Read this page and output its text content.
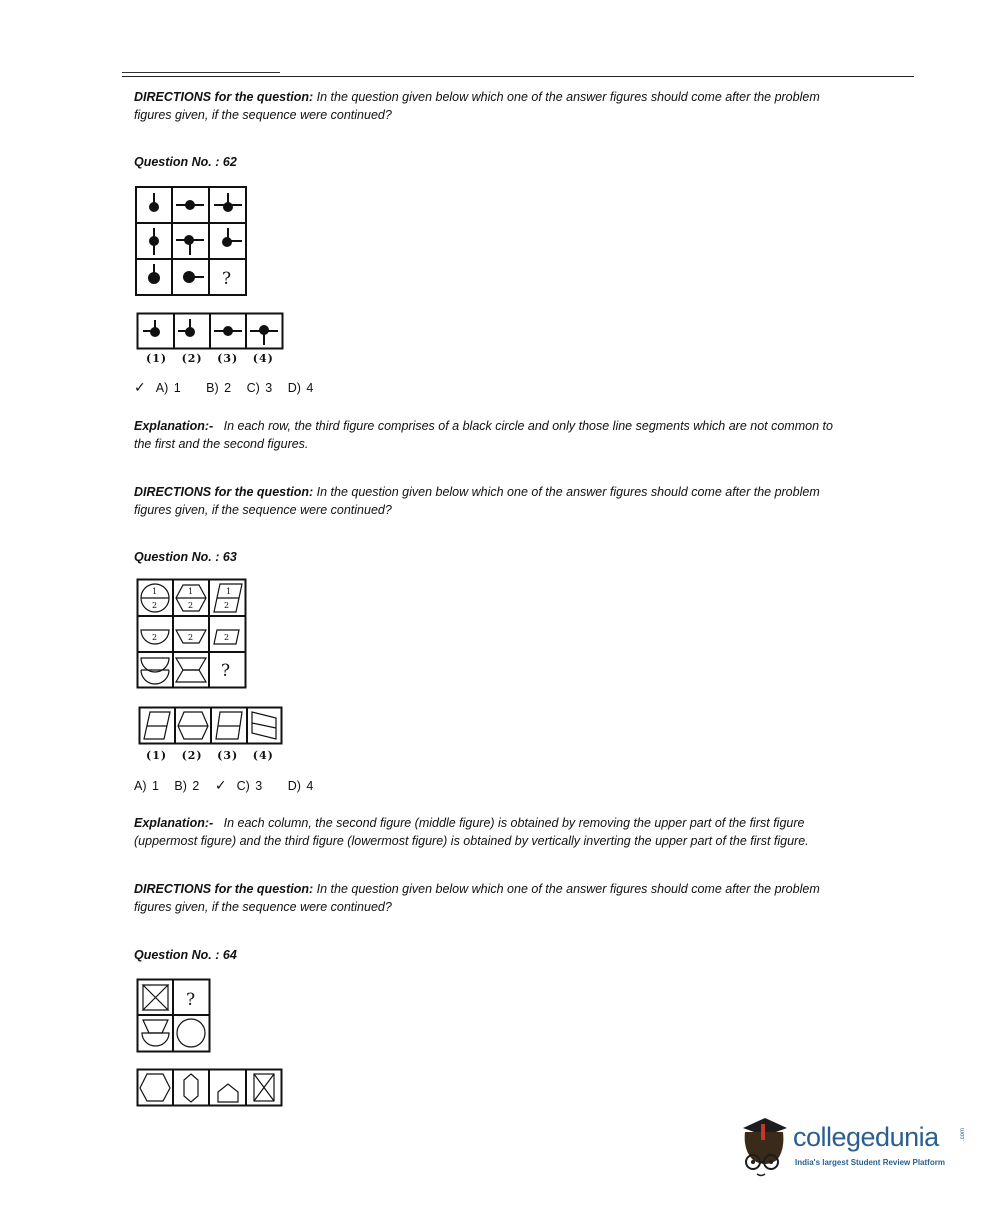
DIRECTIONS for the question: In the question given below which one of the answer figures should come after the problem
figures given, if the sequence were continued?
Question No. : 62
?
(1) (2) (3) (4)
✓ A) 1 B) 2 C) 3 D) 4
Explanation:- In each row, the third figure comprises of a black circle and only those line segments which are not common to
the first and the second figures.
DIRECTIONS for the question: In the question given below which one of the answer figures should come after the problem
figures given, if the sequence were continued?
Question No. : 63
1
2
1
2
1
2
2	2	2
?
(1) (2) (3) (4)
A) 1 B) 2 ✓ C) 3 D) 4
Explanation:- In each column, the second figure (middle figure) is obtained by removing the upper part of the first figure
(uppermost figure) and the third figure (lowermost figure) is obtained by vertically inverting the upper part of the first figure.
DIRECTIONS for the question: In the question given below which one of the answer figures should come after the problem
figures given, if the sequence were continued?
Question No. : 64
?
collegedunia	.com
India's largest Student Review Platform
